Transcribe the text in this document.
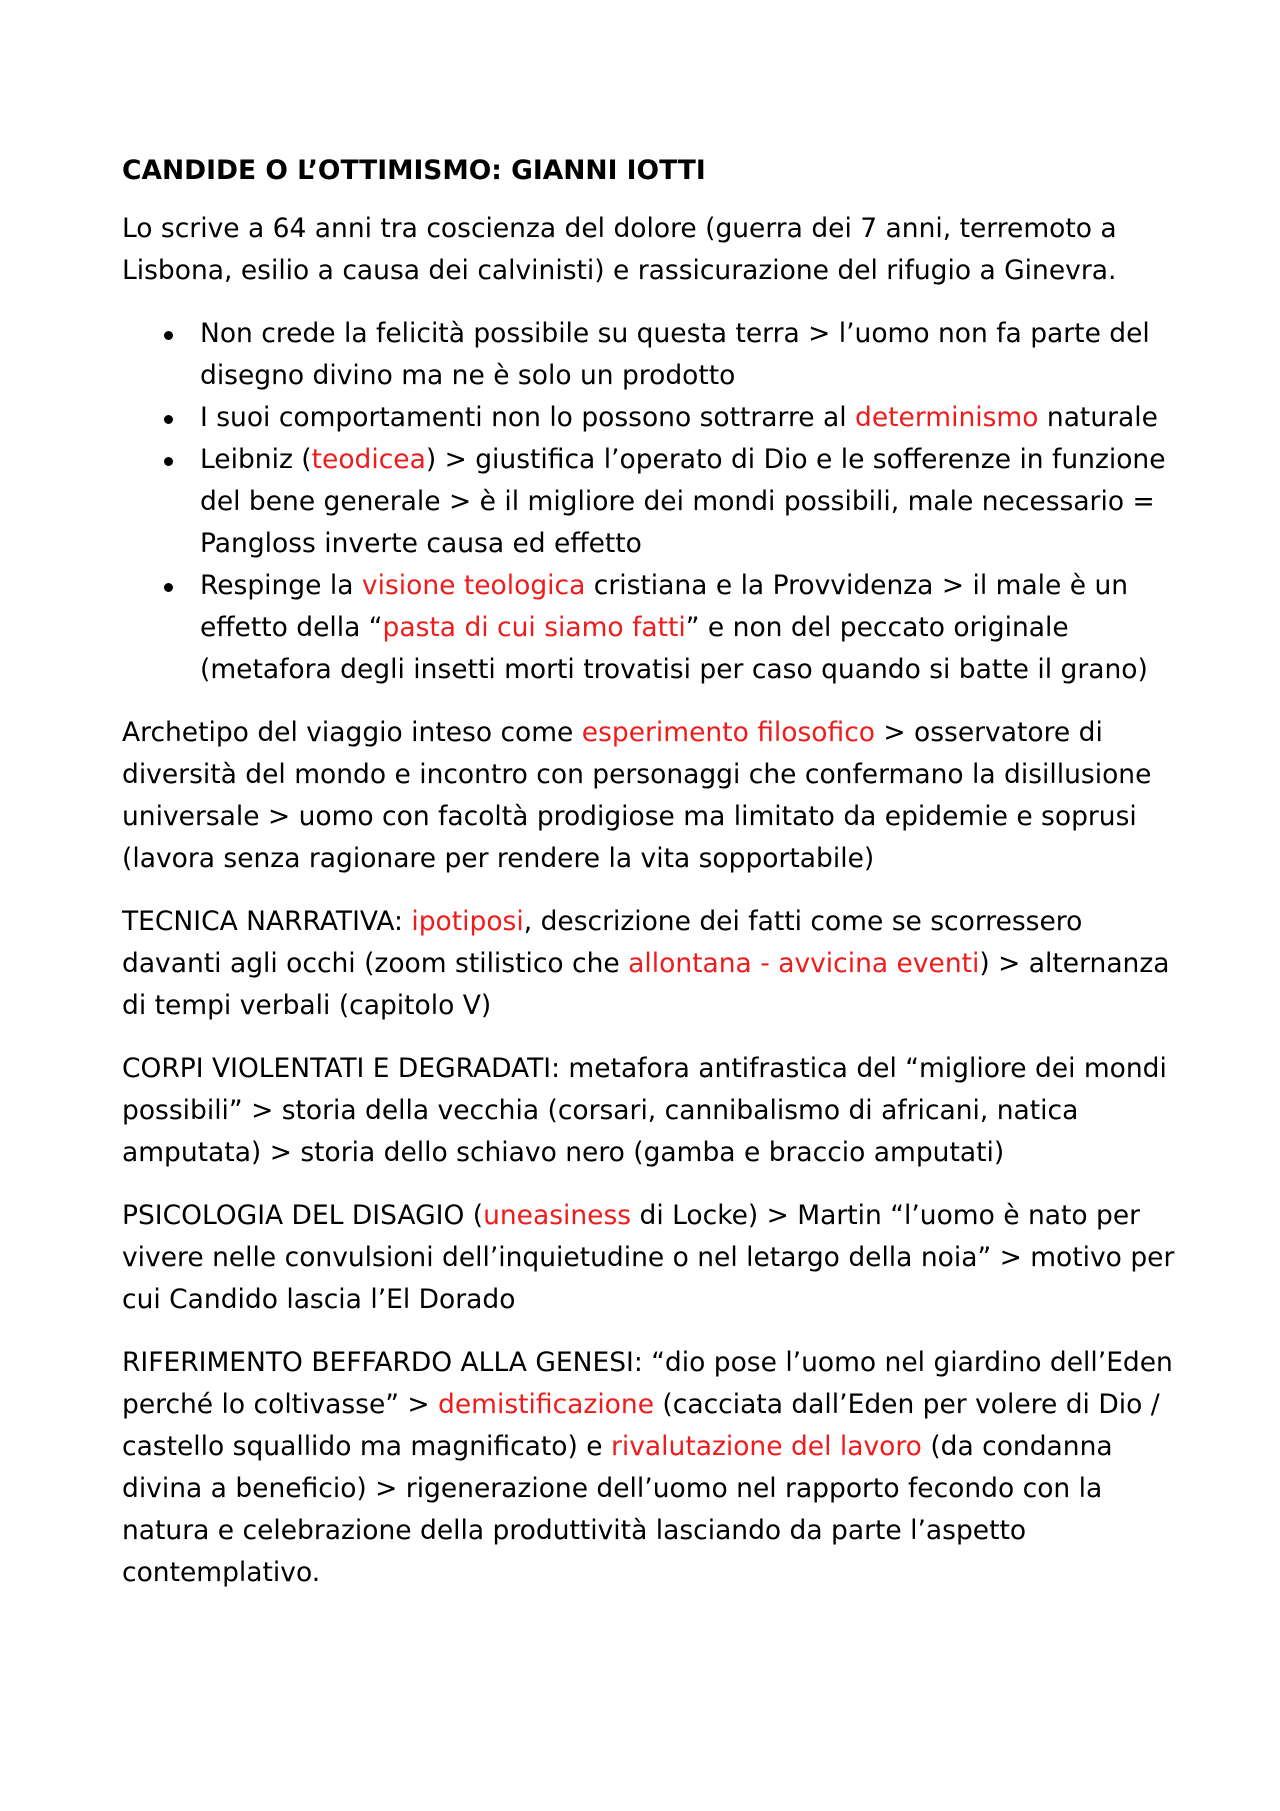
CANDIDE O L’OTTIMISMO: GIANNI IOTTI

Lo scrive a 64 anni tra coscienza del dolore (guerra dei 7 anni, terremoto a Lisbona, esilio a causa dei calvinisti) e rassicurazione del rifugio a Ginevra.

Non crede la felicità possibile su questa terra > l’uomo non fa parte del disegno divino ma ne è solo un prodotto
I suoi comportamenti non lo possono sottrarre al determinismo naturale
Leibniz (teodicea) > giustifica l’operato di Dio e le sofferenze in funzione del bene generale > è il migliore dei mondi possibili, male necessario = Pangloss inverte causa ed effetto
Respinge la visione teologica cristiana e la Provvidenza > il male è un effetto della “pasta di cui siamo fatti” e non del peccato originale (metafora degli insetti morti trovatisi per caso quando si batte il grano)

Archetipo del viaggio inteso come esperimento filosofico > osservatore di diversità del mondo e incontro con personaggi che confermano la disillusione universale > uomo con facoltà prodigiose ma limitato da epidemie e soprusi (lavora senza ragionare per rendere la vita sopportabile)

TECNICA NARRATIVA: ipotiposi, descrizione dei fatti come se scorressero davanti agli occhi (zoom stilistico che allontana - avvicina eventi) > alternanza di tempi verbali (capitolo V)

CORPI VIOLENTATI E DEGRADATI: metafora antifrastica del “migliore dei mondi possibili” > storia della vecchia (corsari, cannibalismo di africani, natica amputata) > storia dello schiavo nero (gamba e braccio amputati)

PSICOLOGIA DEL DISAGIO (uneasiness di Locke) > Martin “l’uomo è nato per vivere nelle convulsioni dell’inquietudine o nel letargo della noia” > motivo per cui Candido lascia l’El Dorado

RIFERIMENTO BEFFARDO ALLA GENESI: “dio pose l’uomo nel giardino dell’Eden perché lo coltivasse” > demistificazione (cacciata dall’Eden per volere di Dio / castello squallido ma magnificato) e rivalutazione del lavoro (da condanna divina a beneficio) > rigenerazione dell’uomo nel rapporto fecondo con la natura e celebrazione della produttività lasciando da parte l’aspetto contemplativo.
